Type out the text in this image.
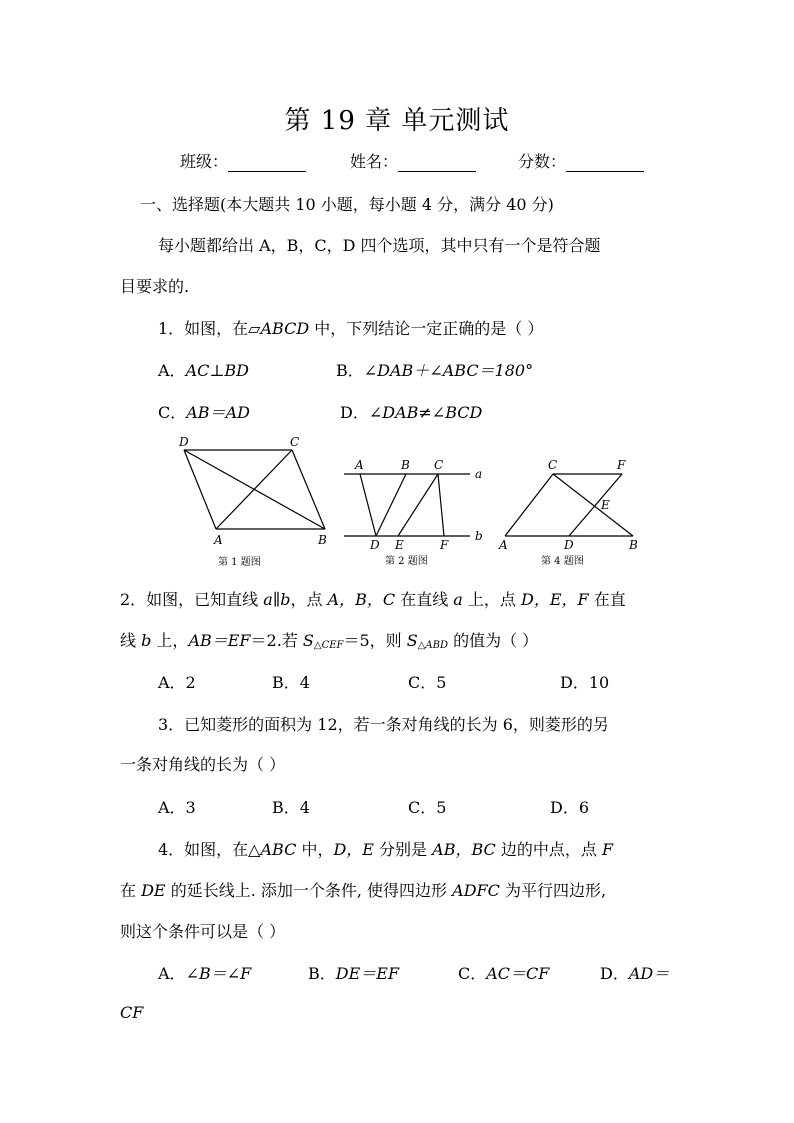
第 19 章 单元测试
班级：	姓名：	分数：
一、选择题(本大题共 10 小题，每小题 4 分，满分 40 分)
每小题都给出 A，B，C，D 四个选项，其中只有一个是符合题
目要求的.
1．如图，在▱ABCD 中，下列结论一定正确的是（ ）
A．AC⊥BD	B．∠DAB＋∠ABC＝180°
C．AB＝AD	D．∠DAB≠∠BCD
D	C
A	B
第 1 题图
A	B C
a
D E	F
b
第 2 题图
C	F
E
A	D	B
第 4 题图
2．如图，已知直线 a∥b，点 A，B，C 在直线 a 上，点 D，E，F 在直
线 b 上，AB＝EF＝2.若 $S_{\triangle CEF}=5$，则 $S_{\triangle ABD}$ 的值为（ ）
A．2	B．4	C．5	D．10
3．已知菱形的面积为 12，若一条对角线的长为 6，则菱形的另
一条对角线的长为（ ）
A．3	B．4	C．5	D．6
4．如图，在△ABC 中，D，E 分别是 AB，BC 边的中点，点 F
在 DE 的延长线上. 添加一个条件, 使得四边形 ADFC 为平行四边形,
则这个条件可以是（ ）
A．∠B＝∠F	B．DE＝EF	C．AC＝CF	D．AD＝
CF
